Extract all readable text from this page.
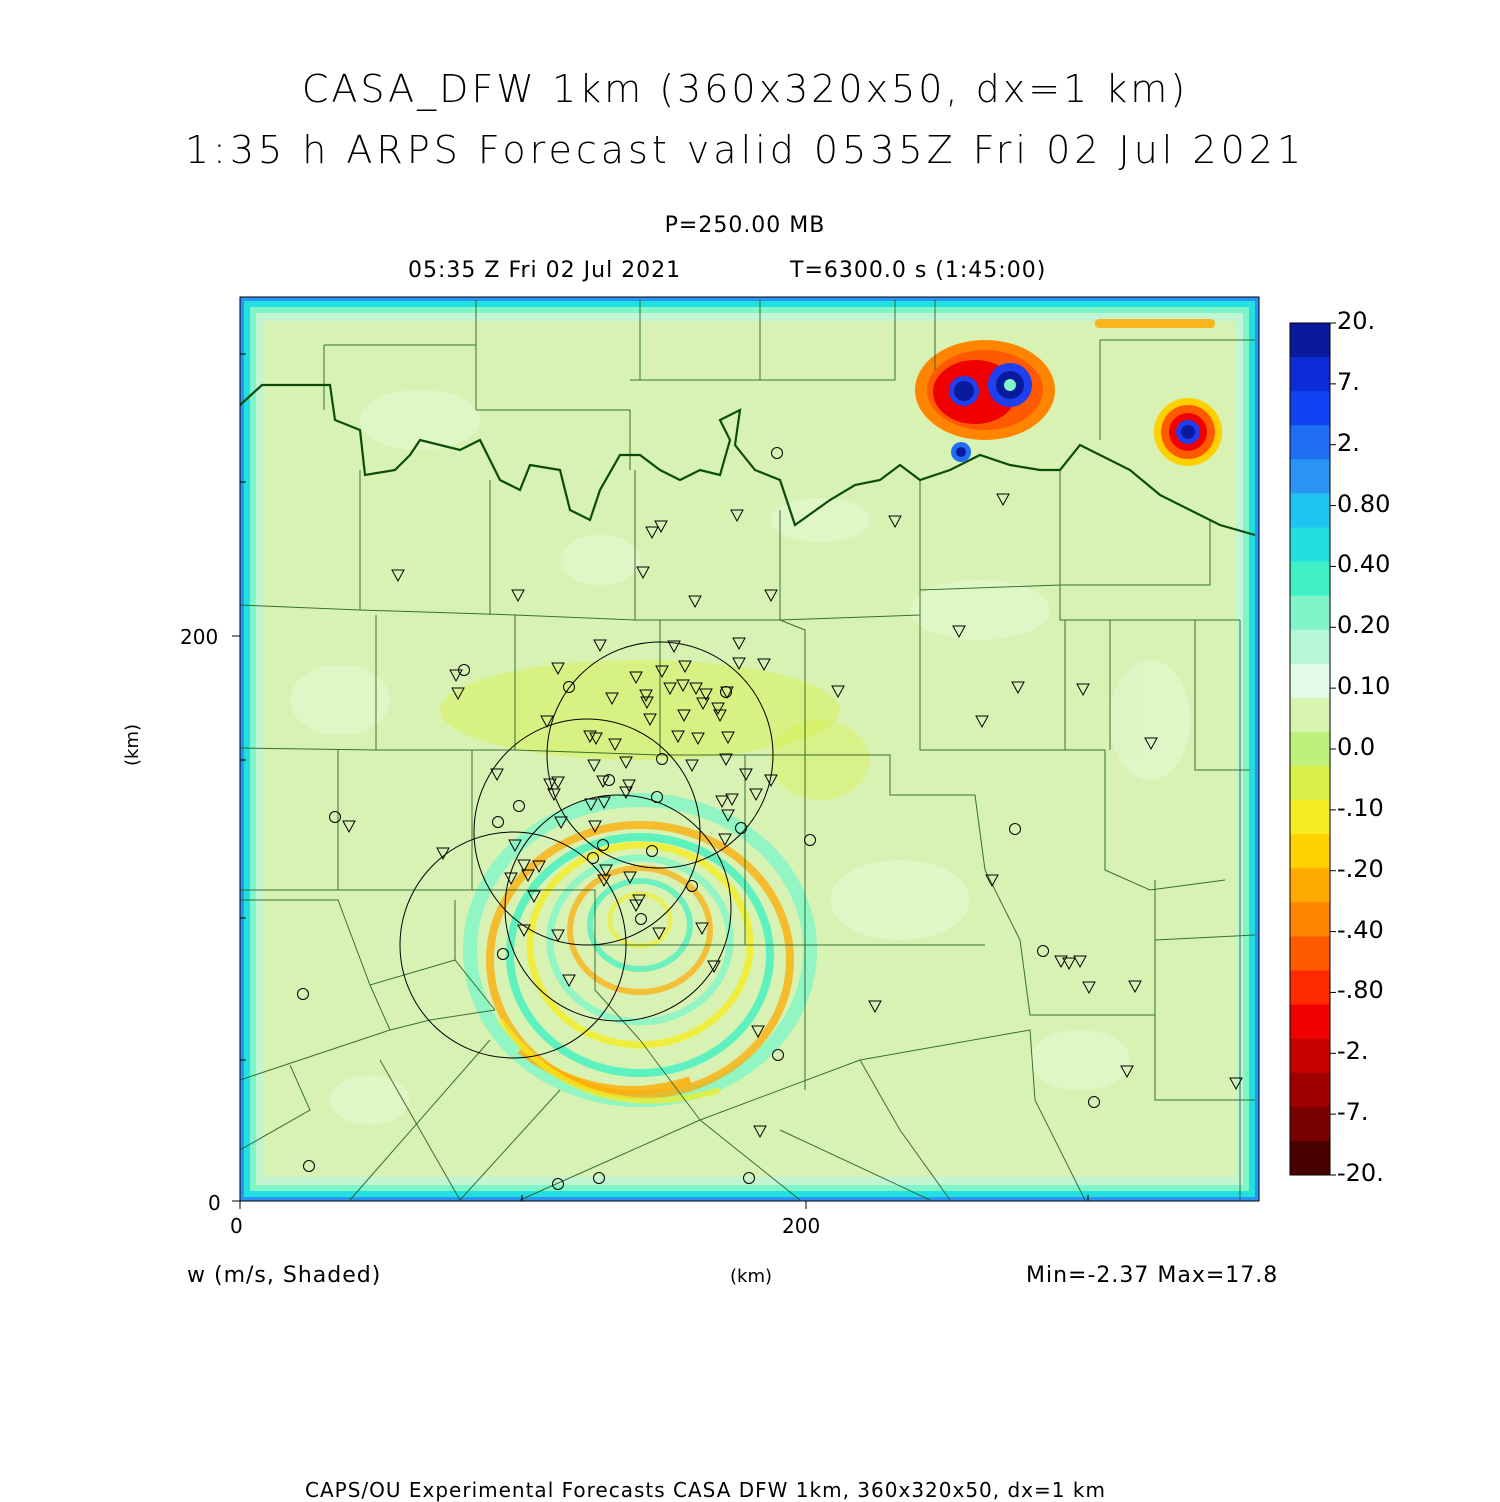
CASA_DFW 1km (360x320x50, dx=1 km)
1:35 h ARPS Forecast valid 0535Z Fri 02 Jul 2021
P=250.00 MB
05:35 Z Fri 02 Jul 2021	T=6300.0 s (1:45:00)
0	200
0
200
(km)
(km)
w (m/s, Shaded)	Min=-2.37 Max=17.8
20.
7.
2.
0.80
0.40
0.20
0.10
0.0
-.10
-.20
-.40
-.80
-2.
-7.
-20.
CAPS/OU Experimental Forecasts CASA DFW 1km, 360x320x50, dx=1 km
